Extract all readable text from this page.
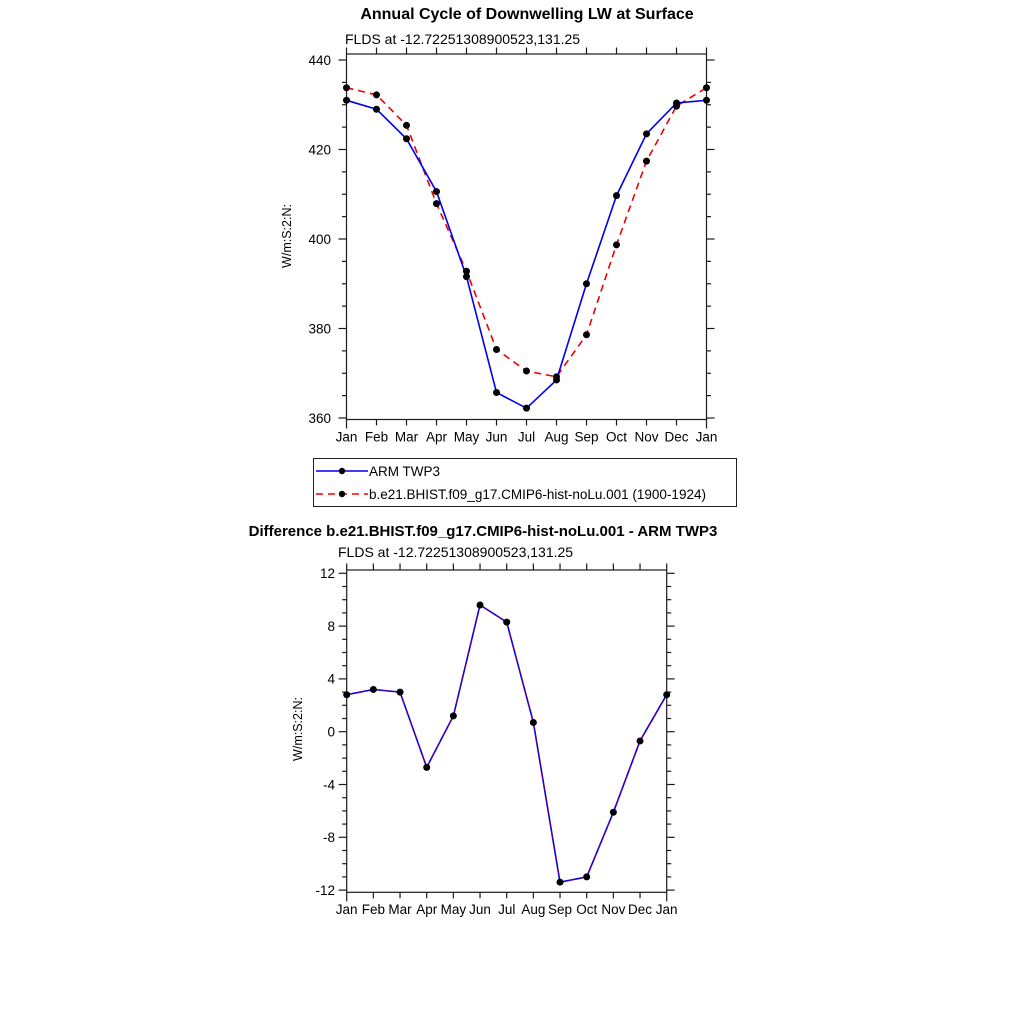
360
380
400
420
440
Jan Feb Mar Apr May Jun Jul Aug Sep Oct Nov Dec Jan
-12
-8
-4
0
4
8
12
Jan Feb Mar Apr May Jun Jul Aug Sep Oct Nov Dec Jan
Annual Cycle of Downwelling LW at Surface
FLDS at -12.72251308900523,131.25
W/m:S:2:N:
ARM TWP3
b.e21.BHIST.f09_g17.CMIP6-hist-noLu.001 (1900-1924)
Difference b.e21.BHIST.f09_g17.CMIP6-hist-noLu.001 - ARM TWP3
FLDS at -12.72251308900523,131.25
W/m:S:2:N:
